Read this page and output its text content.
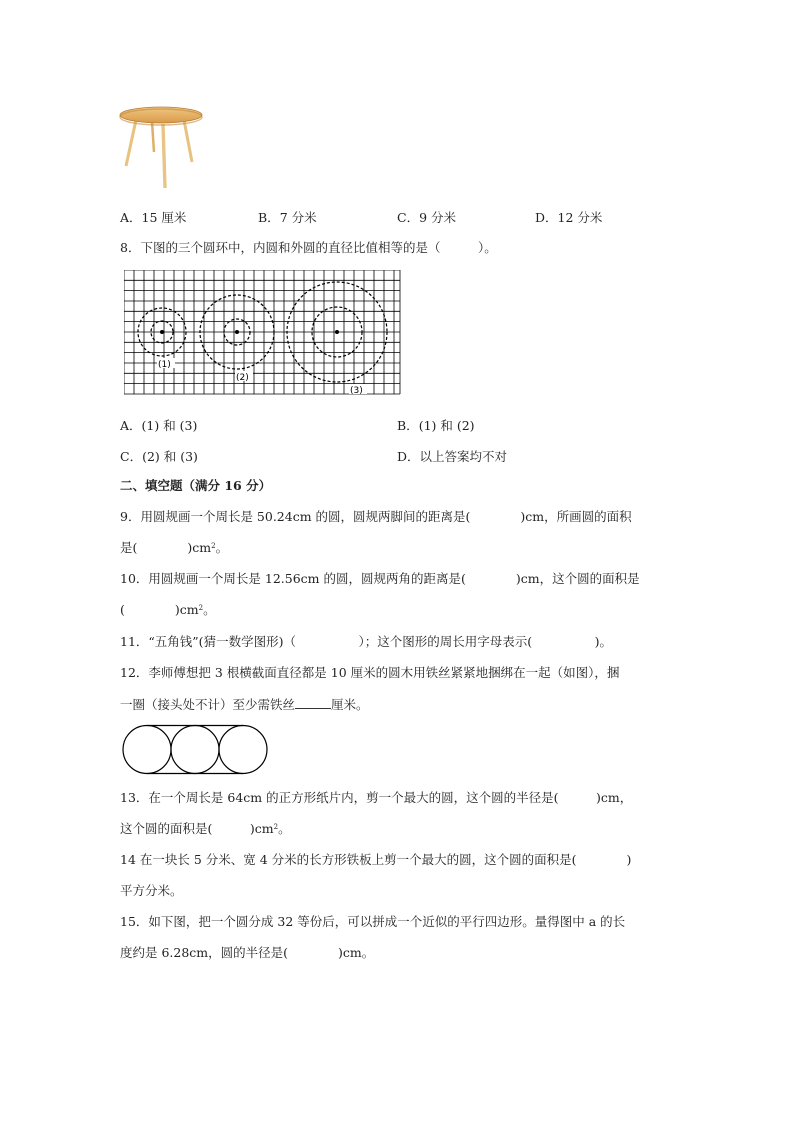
A．15 厘米	B．7 分米	C．9 分米	D．12 分米
8．下图的三个圆环中，内圆和外圆的直径比值相等的是（　　　）。
(1)
(2)
(3)
A．(1) 和 (3)	B．(1) 和 (2)
C．(2) 和 (3)	D．以上答案均不对
二、填空题（满分 16 分）
9．用圆规画一个周长是 50.24cm 的圆，圆规两脚间的距离是(　　　　)cm，所画圆的面积
是(　　　　)$cm^2$。
10．用圆规画一个周长是 12.56cm 的圆，圆规两角的距离是(　　　　)cm，这个圆的面积是
(　　　　)$cm^2$。
11．“五角钱”(猜一数学图形)（　　　　　）；这个图形的周长用字母表示(　　　　　)。
12．李师傅想把 3 根横截面直径都是 10 厘米的圆木用铁丝紧紧地捆绑在一起（如图），捆
一圈（接头处不计）至少需铁丝	厘米。
13．在一个周长是 64cm 的正方形纸片内，剪一个最大的圆，这个圆的半径是(　　　)cm，
这个圆的面积是(　　　)$cm^2$。
14 在一块长 5 分米、宽 4 分米的长方形铁板上剪一个最大的圆，这个圆的面积是(　　　　)
平方分米。
15．如下图，把一个圆分成 32 等份后，可以拼成一个近似的平行四边形。量得图中 a 的长
度约是 6.28cm，圆的半径是(　　　　)cm。
